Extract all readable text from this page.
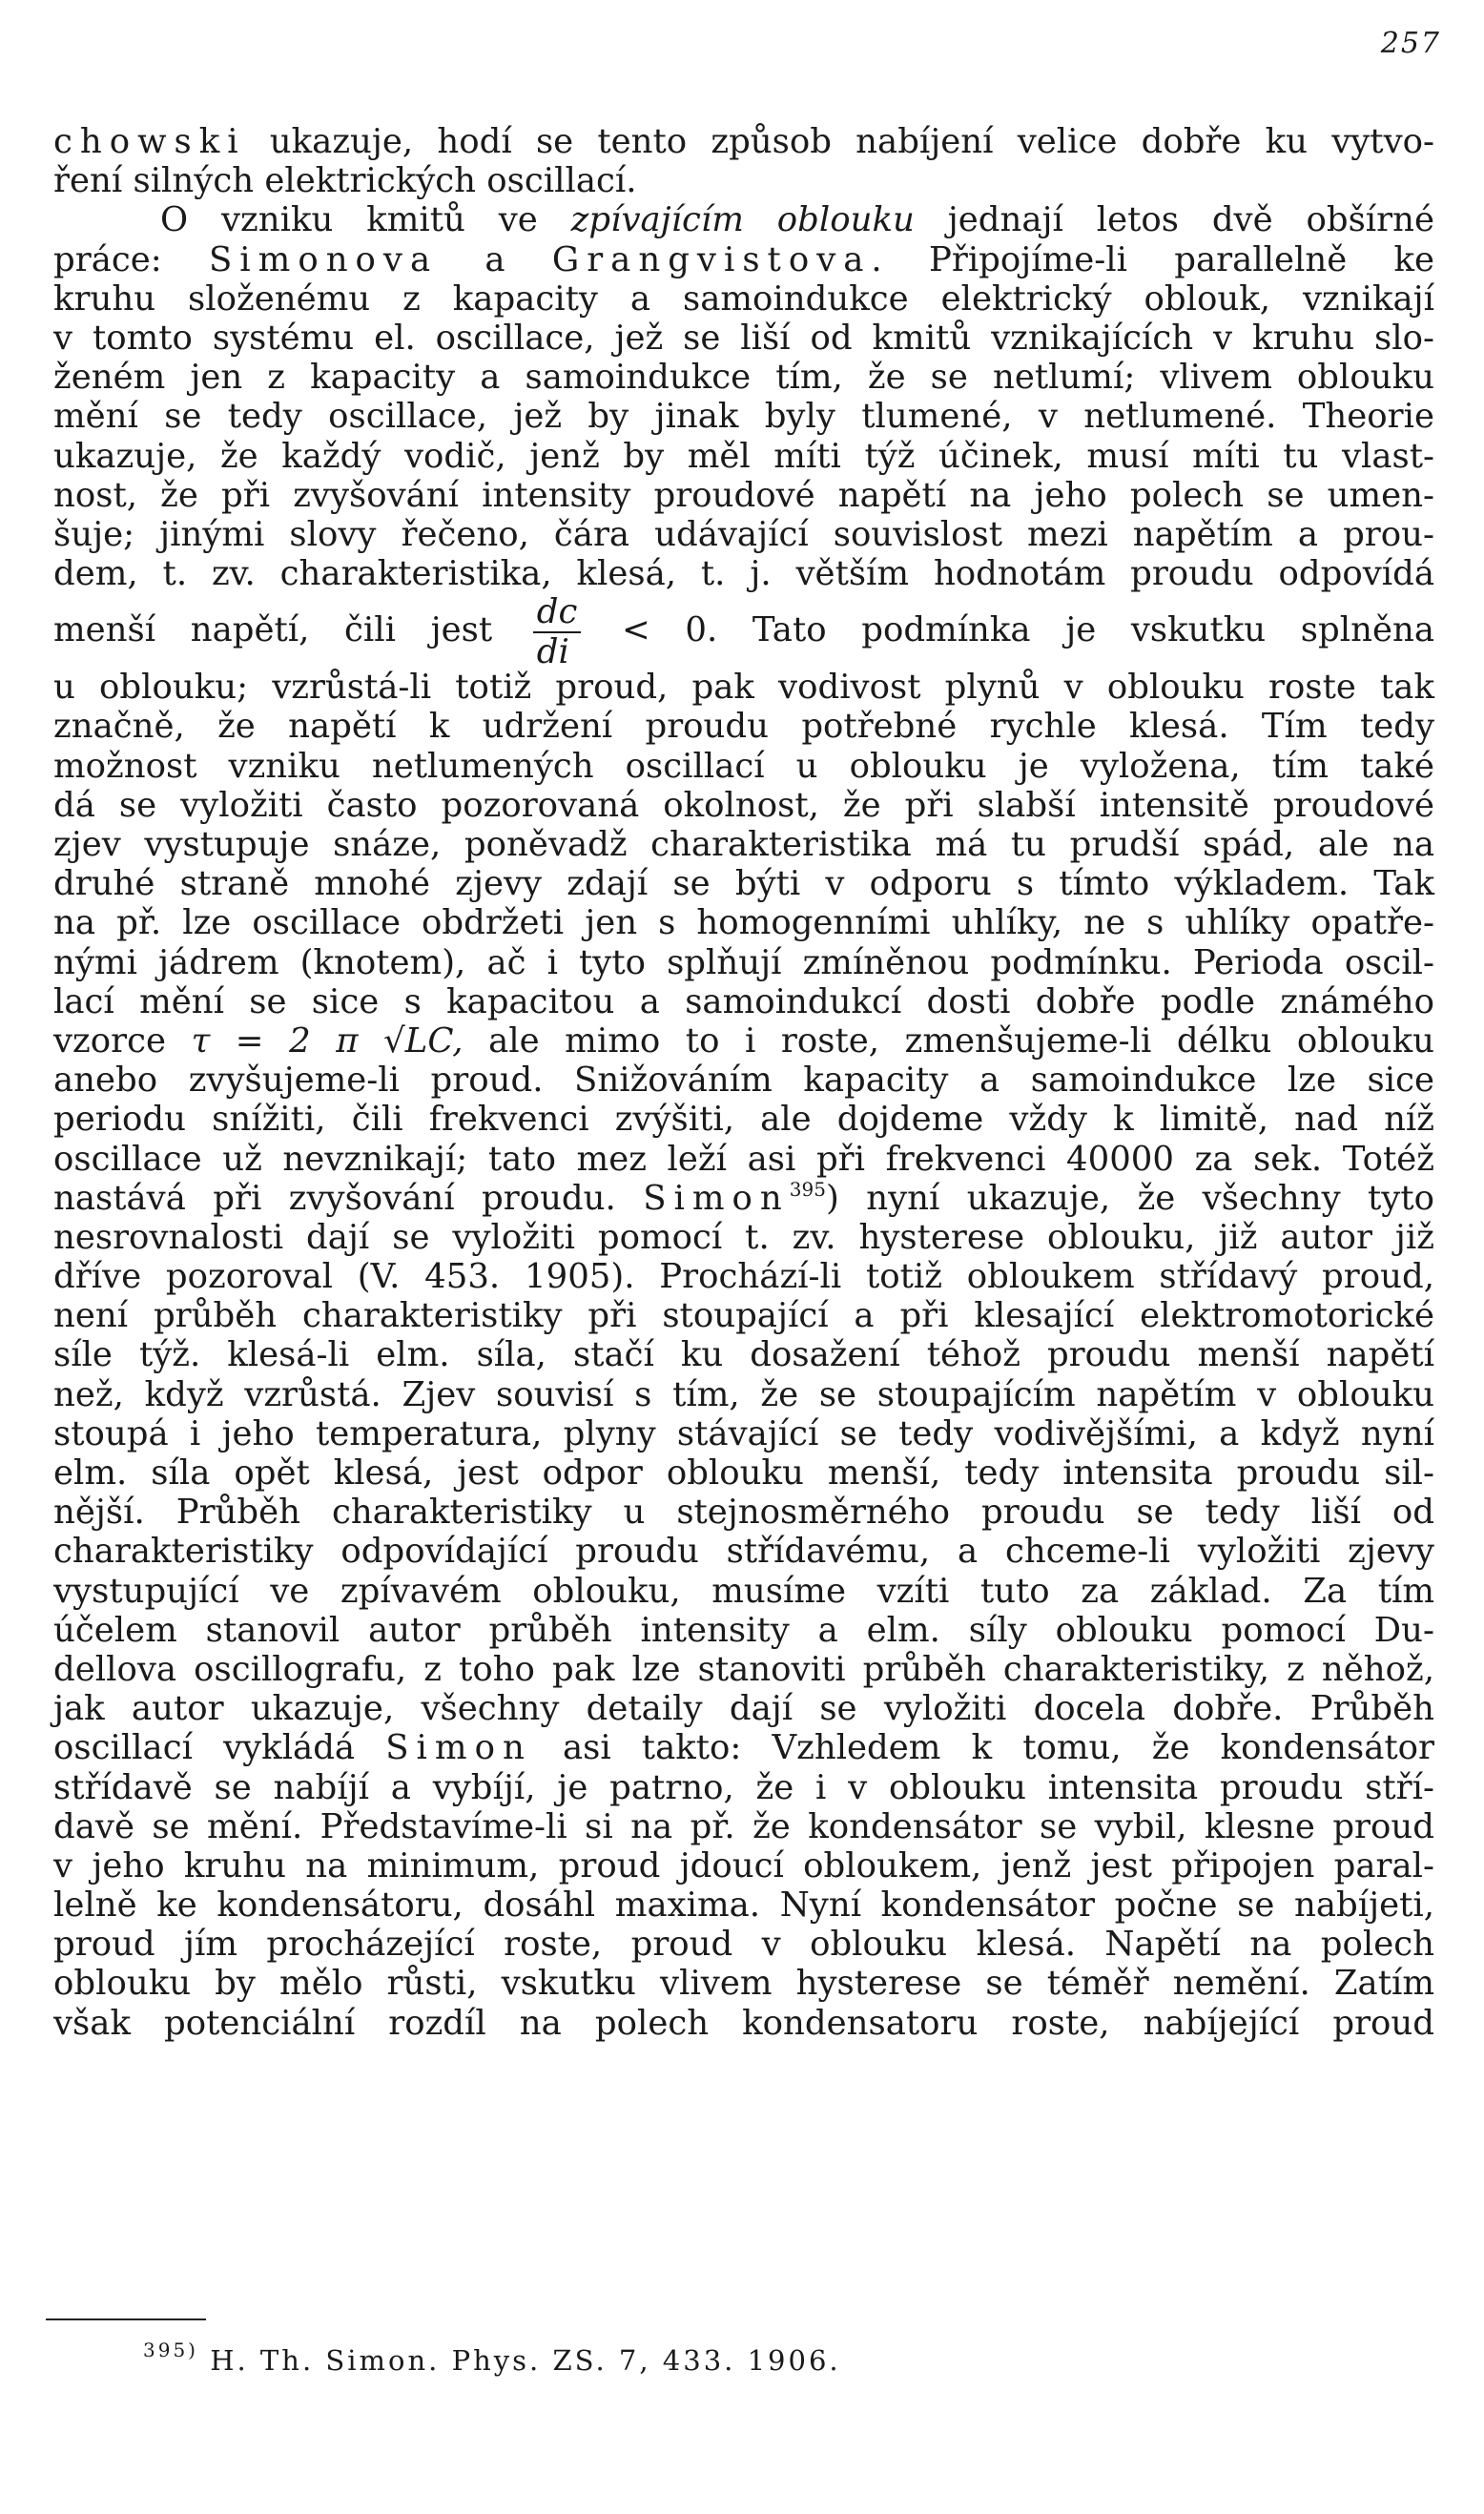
257
chowski ukazuje, hodí se tento způsob nabíjení velice dobře ku vytvo-
ření silných elektrických oscillací.
O vzniku kmitů ve zpívajícím oblouku jednají letos dvě obšírné
práce: Simonova a Grangvistova. Připojíme-li parallelně ke
kruhu složenému z kapacity a samoindukce elektrický oblouk, vznikají
v tomto systému el. oscillace, jež se liší od kmitů vznikajících v kruhu slo-
ženém jen z kapacity a samoindukce tím, že se netlumí; vlivem oblouku
mění se tedy oscillace, jež by jinak byly tlumené, v netlumené. Theorie
ukazuje, že každý vodič, jenž by měl míti týž účinek, musí míti tu vlast-
nost, že při zvyšování intensity proudové napětí na jeho polech se umen-
šuje; jinými slovy řečeno, čára udávající souvislost mezi napětím a prou-
dem, t. zv. charakteristika, klesá, t. j. větším hodnotám proudu odpovídá
menší napětí, čili jest $\frac{dc}{di} < 0$. Tato podmínka je vskutku splněna
u oblouku; vzrůstá-li totiž proud, pak vodivost plynů v oblouku roste tak
značně, že napětí k udržení proudu potřebné rychle klesá. Tím tedy
možnost vzniku netlumených oscillací u oblouku je vyložena, tím také
dá se vyložiti často pozorovaná okolnost, že při slabší intensitě proudové
zjev vystupuje snáze, poněvadž charakteristika má tu prudší spád, ale na
druhé straně mnohé zjevy zdají se býti v odporu s tímto výkladem. Tak
na př. lze oscillace obdržeti jen s homogenními uhlíky, ne s uhlíky opatře-
nými jádrem (knotem), ač i tyto splňují zmíněnou podmínku. Perioda oscil-
lací mění se sice s kapacitou a samoindukcí dosti dobře podle známého
vzorce τ = 2 π √LC, ale mimo to i roste, zmenšujeme-li délku oblouku
anebo zvyšujeme-li proud. Snižováním kapacity a samoindukce lze sice
periodu snížiti, čili frekvenci zvýšiti, ale dojdeme vždy k limitě, nad níž
oscillace už nevznikají; tato mez leží asi při frekvenci 40000 za sek. Totéž
nastává při zvyšování proudu. Simon$^{395}$) nyní ukazuje, že všechny tyto
nesrovnalosti dají se vyložiti pomocí t. zv. hysterese oblouku, již autor již
dříve pozoroval (V. 453. 1905). Prochází-li totiž obloukem střídavý proud,
není průběh charakteristiky při stoupající a při klesající elektromotorické
síle týž. klesá-li elm. síla, stačí ku dosažení téhož proudu menší napětí
než, když vzrůstá. Zjev souvisí s tím, že se stoupajícím napětím v oblouku
stoupá i jeho temperatura, plyny stávající se tedy vodivějšími, a když nyní
elm. síla opět klesá, jest odpor oblouku menší, tedy intensita proudu sil-
nější. Průběh charakteristiky u stejnosměrného proudu se tedy liší od
charakteristiky odpovídající proudu střídavému, a chceme-li vyložiti zjevy
vystupující ve zpívavém oblouku, musíme vzíti tuto za základ. Za tím
účelem stanovil autor průběh intensity a elm. síly oblouku pomocí Du-
dellova oscillografu, z toho pak lze stanoviti průběh charakteristiky, z něhož,
jak autor ukazuje, všechny detaily dají se vyložiti docela dobře. Průběh
oscillací vykládá Simon asi takto: Vzhledem k tomu, že kondensátor
střídavě se nabíjí a vybíjí, je patrno, že i v oblouku intensita proudu stří-
davě se mění. Představíme-li si na př. že kondensátor se vybil, klesne proud
v jeho kruhu na minimum, proud jdoucí obloukem, jenž jest připojen paral-
lelně ke kondensátoru, dosáhl maxima. Nyní kondensátor počne se nabíjeti,
proud jím procházející roste, proud v oblouku klesá. Napětí na polech
oblouku by mělo růsti, vskutku vlivem hysterese se téměř nemění. Zatím
však potenciální rozdíl na polech kondensatoru roste, nabíjející proud
$^{395)}$ H. Th. Simon. Phys. ZS. 7, 433. 1906.
